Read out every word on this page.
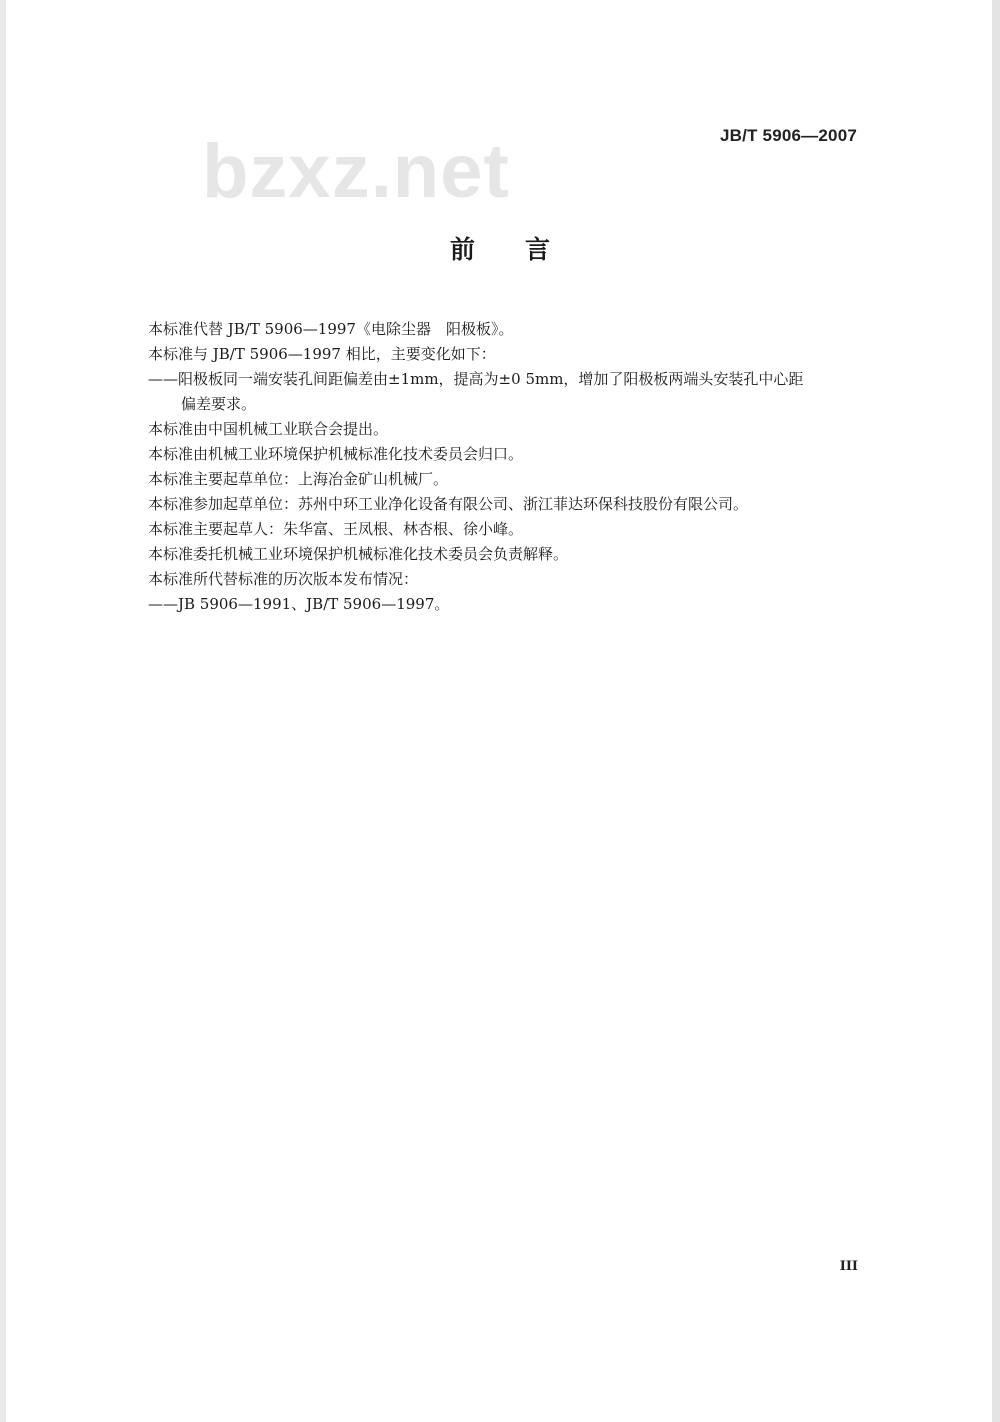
JB/T 5906—2007
bzxz.net
前言
本标准代替 JB/T 5906—1997《电除尘器　阳极板》。
本标准与 JB/T 5906—1997 相比，主要变化如下：
——阳极板同一端安装孔间距偏差由±1mm，提高为±0 5mm，增加了阳极板两端头安装孔中心距
偏差要求。
本标准由中国机械工业联合会提出。
本标准由机械工业环境保护机械标准化技术委员会归口。
本标准主要起草单位：上海冶金矿山机械厂。
本标准参加起草单位：苏州中环工业净化设备有限公司、浙江菲达环保科技股份有限公司。
本标准主要起草人：朱华富、王凤根、林杏根、徐小峰。
本标准委托机械工业环境保护机械标准化技术委员会负责解释。
本标准所代替标准的历次版本发布情况：
——JB 5906—1991、JB/T 5906—1997。
III
